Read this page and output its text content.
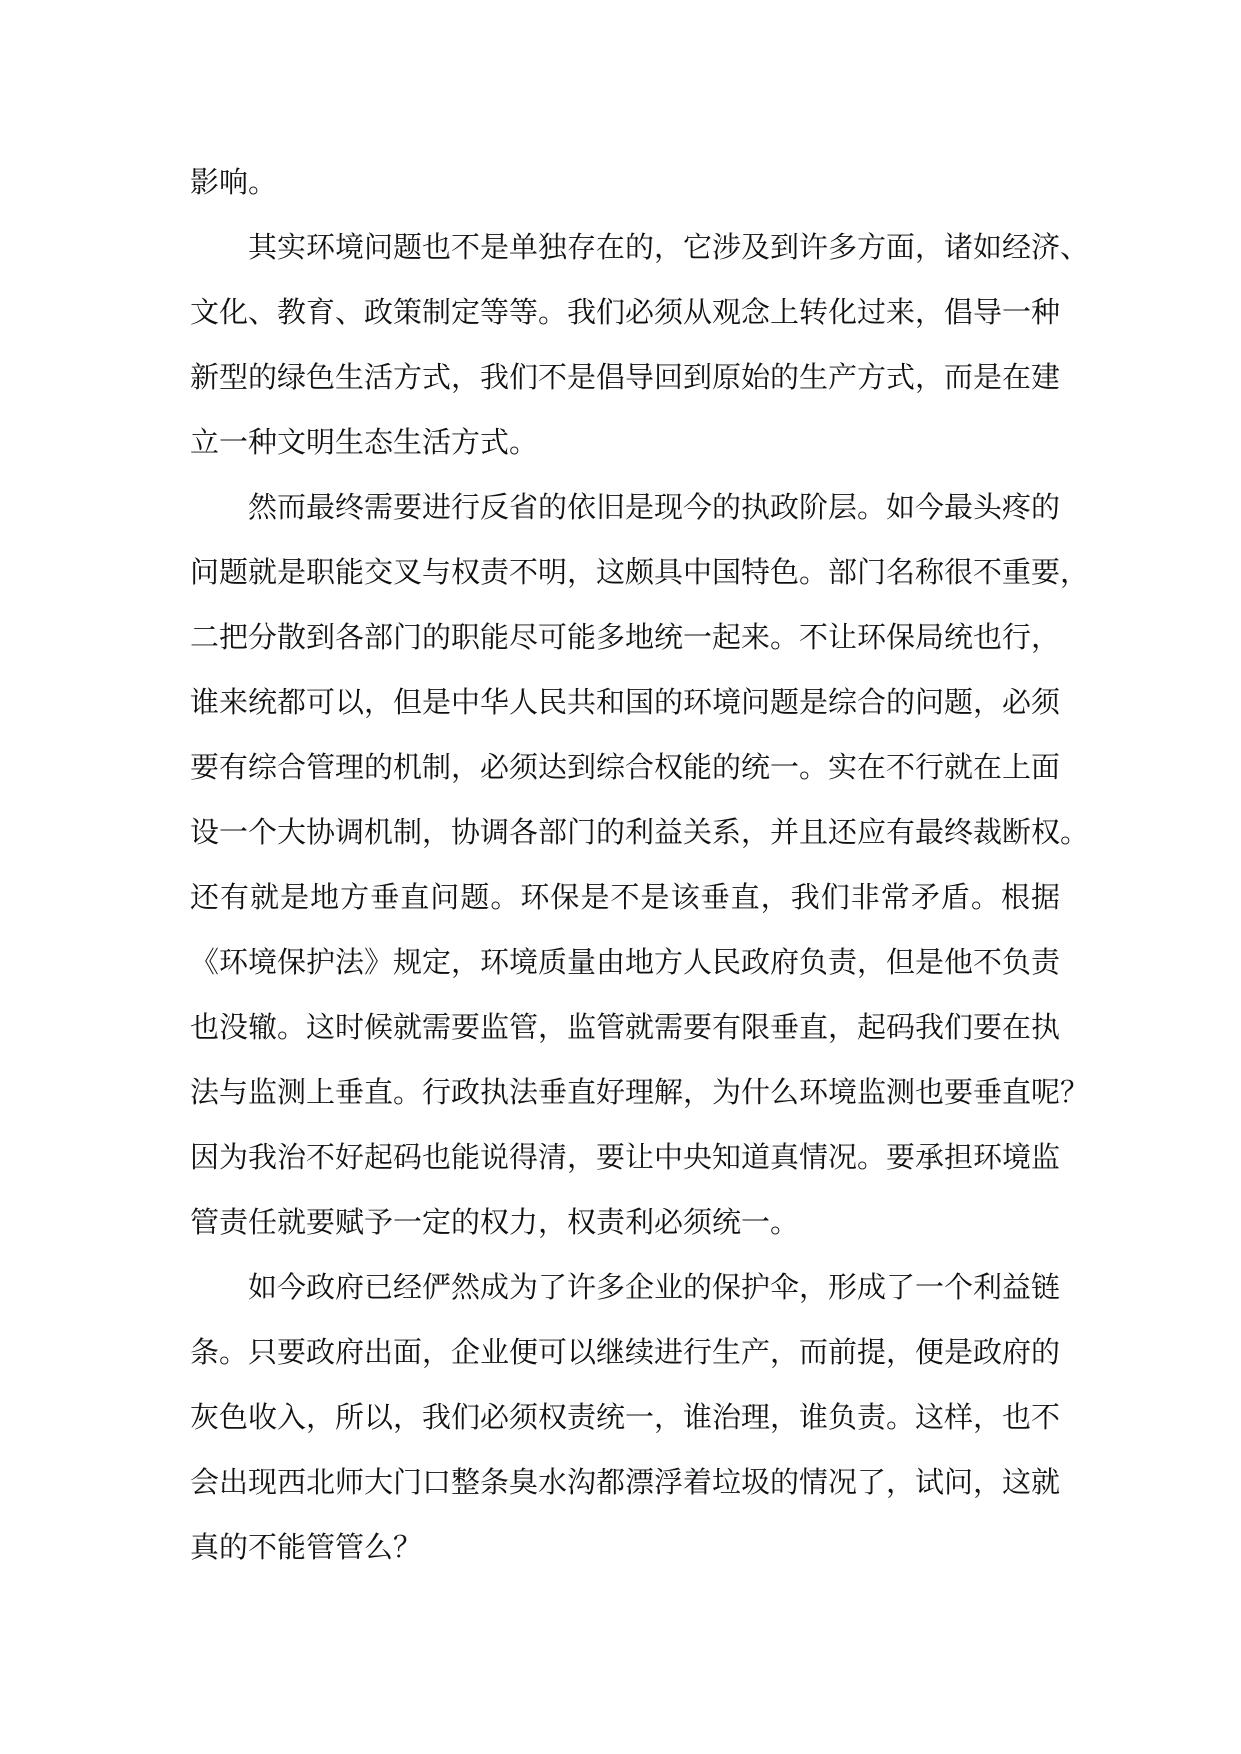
影响。
其实环境问题也不是单独存在的，它涉及到许多方面，诸如经济、
文化、教育、政策制定等等。我们必须从观念上转化过来，倡导一种
新型的绿色生活方式，我们不是倡导回到原始的生产方式，而是在建
立一种文明生态生活方式。
然而最终需要进行反省的依旧是现今的执政阶层。如今最头疼的
问题就是职能交叉与权责不明，这颇具中国特色。部门名称很不重要，
二把分散到各部门的职能尽可能多地统一起来。不让环保局统也行，
谁来统都可以，但是中华人民共和国的环境问题是综合的问题，必须
要有综合管理的机制，必须达到综合权能的统一。实在不行就在上面
设一个大协调机制，协调各部门的利益关系，并且还应有最终裁断权。
还有就是地方垂直问题。环保是不是该垂直，我们非常矛盾。根据
《环境保护法》规定，环境质量由地方人民政府负责，但是他不负责
也没辙。这时候就需要监管，监管就需要有限垂直，起码我们要在执
法与监测上垂直。行政执法垂直好理解，为什么环境监测也要垂直呢？
因为我治不好起码也能说得清，要让中央知道真情况。要承担环境监
管责任就要赋予一定的权力，权责利必须统一。
如今政府已经俨然成为了许多企业的保护伞，形成了一个利益链
条。只要政府出面，企业便可以继续进行生产，而前提，便是政府的
灰色收入，所以，我们必须权责统一，谁治理，谁负责。这样，也不
会出现西北师大门口整条臭水沟都漂浮着垃圾的情况了，试问，这就
真的不能管管么？
